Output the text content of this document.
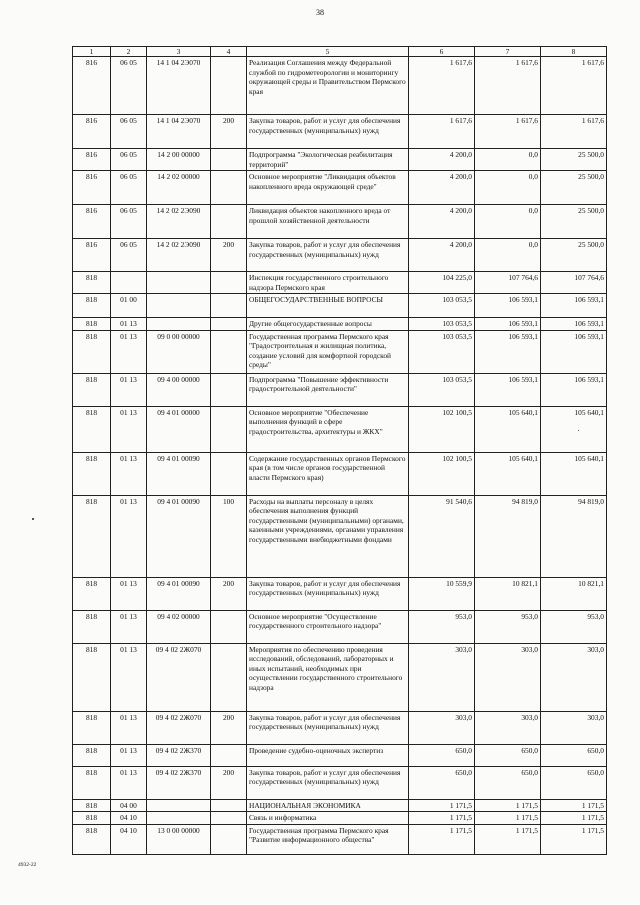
38
1	2	3	4	5	6	7	8
816	06 05	14 1 04 2Э070		Реализация Соглашения между Федеральной службой по гидрометеорологии и мониторингу окружающей среды и Правительством Пермского края	1 617,6	1 617,6	1 617,6
816	06 05	14 1 04 2Э070	200	Закупка товаров, работ и услуг для обеспечения государственных (муниципальных) нужд	1 617,6	1 617,6	1 617,6
816	06 05	14 2 00 00000		Подпрограмма "Экологическая реабилитация территорий"	4 200,0	0,0	25 500,0
816	06 05	14 2 02 00000		Основное мероприятие "Ликвидация объектов накопленного вреда окружающей среде"	4 200,0	0,0	25 500,0
816	06 05	14 2 02 2Э090		Ликвидация объектов накопленного вреда от прошлой хозяйственной деятельности	4 200,0	0,0	25 500,0
816	06 05	14 2 02 2Э090	200	Закупка товаров, работ и услуг для обеспечения государственных (муниципальных) нужд	4 200,0	0,0	25 500,0
818				Инспекция государственного строительного надзора Пермского края	104 225,0	107 764,6	107 764,6
818	01 00			ОБЩЕГОСУДАРСТВЕННЫЕ ВОПРОСЫ	103 053,5	106 593,1	106 593,1
818	01 13			Другие общегосударственные вопросы	103 053,5	106 593,1	106 593,1
818	01 13	09 0 00 00000		Государственная программа Пермского края "Градостроительная и жилищная политика, создание условий для комфортной городской среды"	103 053,5	106 593,1	106 593,1
818	01 13	09 4 00 00000		Подпрограмма "Повышение эффективности градостроительной деятельности"	103 053,5	106 593,1	106 593,1
818	01 13	09 4 01 00000		Основное мероприятие "Обеспечение выполнения функций в сфере градостроительства, архитектуры и ЖКХ"	102 100,5	105 640,1	105 640,1
818	01 13	09 4 01 00090		Содержание государственных органов Пермского края (в том числе органов государственной власти Пермского края)	102 100,5	105 640,1	105 640,1
818	01 13	09 4 01 00090	100	Расходы на выплаты персоналу в целях обеспечения выполнения функций государственными (муниципальными) органами, казенными учреждениями, органами управления государственными внебюджетными фондами	91 540,6	94 819,0	94 819,0
818	01 13	09 4 01 00090	200	Закупка товаров, работ и услуг для обеспечения государственных (муниципальных) нужд	10 559,9	10 821,1	10 821,1
818	01 13	09 4 02 00000		Основное мероприятие "Осуществление государственного строительного надзора"	953,0	953,0	953,0
818	01 13	09 4 02 2Ж070		Мероприятия по обеспечению проведения исследований, обследований, лабораторных и иных испытаний, необходимых при осуществлении государственного строительного надзора	303,0	303,0	303,0
818	01 13	09 4 02 2Ж070	200	Закупка товаров, работ и услуг для обеспечения государственных (муниципальных) нужд	303,0	303,0	303,0
818	01 13	09 4 02 2Ж370		Проведение судебно-оценочных экспертиз	650,0	650,0	650,0
818	01 13	09 4 02 2Ж370	200	Закупка товаров, работ и услуг для обеспечения государственных (муниципальных) нужд	650,0	650,0	650,0
818	04 00			НАЦИОНАЛЬНАЯ ЭКОНОМИКА	1 171,5	1 171,5	1 171,5
818	04 10			Связь и информатика	1 171,5	1 171,5	1 171,5
818	04 10	13 0 00 00000		Государственная программа Пермского края "Развитие информационного общества"	1 171,5	1 171,5	1 171,5
4932-22
